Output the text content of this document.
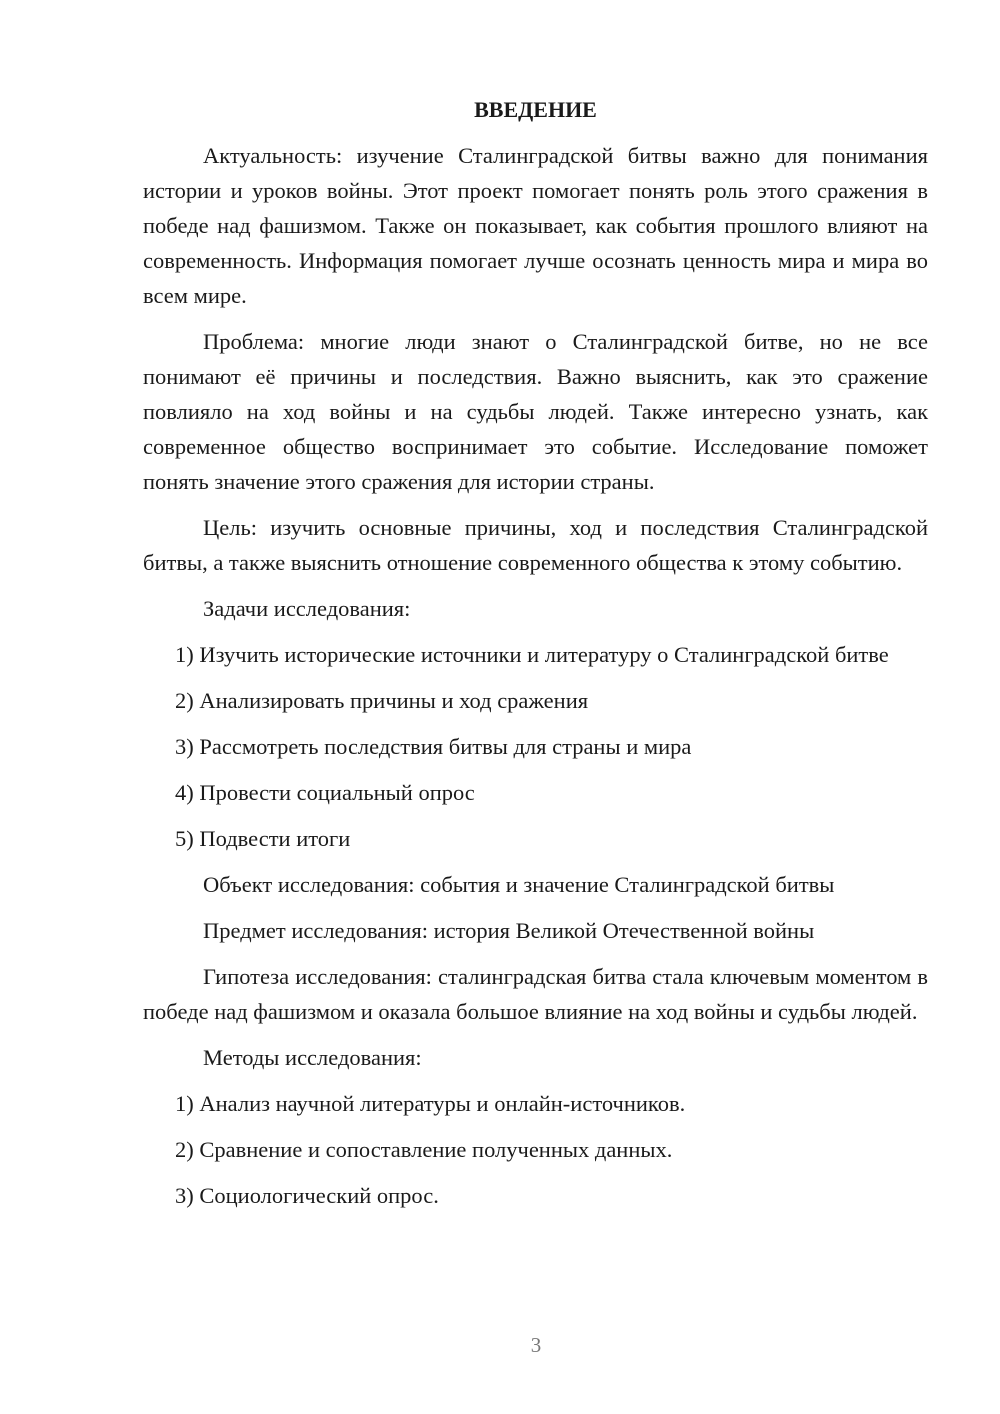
ВВЕДЕНИЕ

Актуальность: изучение Сталинградской битвы важно для понимания истории и уроков войны. Этот проект помогает понять роль этого сражения в победе над фашизмом. Также он показывает, как события прошлого влияют на современность. Информация помогает лучше осознать ценность мира и мира во всем мире.

Проблема: многие люди знают о Сталинградской битве, но не все понимают её причины и последствия. Важно выяснить, как это сражение повлияло на ход войны и на судьбы людей. Также интересно узнать, как современное общество воспринимает это событие. Исследование поможет понять значение этого сражения для истории страны.

Цель: изучить основные причины, ход и последствия Сталинградской битвы, а также выяснить отношение современного общества к этому событию.

Задачи исследования:

1) Изучить исторические источники и литературу о Сталинградской битве

2) Анализировать причины и ход сражения

3) Рассмотреть последствия битвы для страны и мира

4) Провести социальный опрос

5) Подвести итоги

Объект исследования: события и значение Сталинградской битвы

Предмет исследования: история Великой Отечественной войны

Гипотеза исследования: сталинградская битва стала ключевым моментом в победе над фашизмом и оказала большое влияние на ход войны и судьбы людей.

Методы исследования:

1) Анализ научной литературы и онлайн-источников.

2) Сравнение и сопоставление полученных данных.

3) Социологический опрос.

3
